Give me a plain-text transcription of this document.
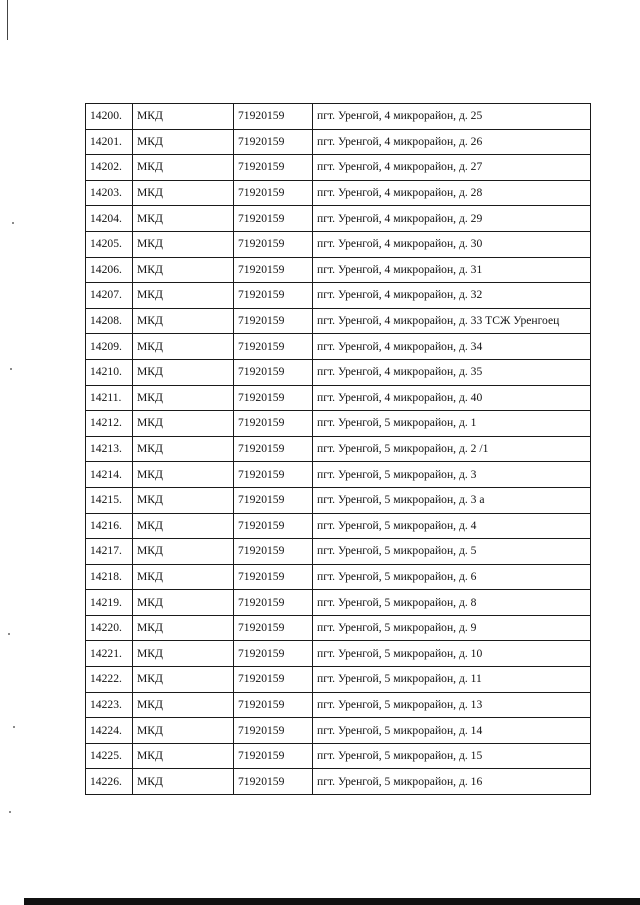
14200.	МКД	71920159	пгт. Уренгой, 4 микрорайон, д. 25
14201.	МКД	71920159	пгт. Уренгой, 4 микрорайон, д. 26
14202.	МКД	71920159	пгт. Уренгой, 4 микрорайон, д. 27
14203.	МКД	71920159	пгт. Уренгой, 4 микрорайон, д. 28
14204.	МКД	71920159	пгт. Уренгой, 4 микрорайон, д. 29
14205.	МКД	71920159	пгт. Уренгой, 4 микрорайон, д. 30
14206.	МКД	71920159	пгт. Уренгой, 4 микрорайон, д. 31
14207.	МКД	71920159	пгт. Уренгой, 4 микрорайон, д. 32
14208.	МКД	71920159	пгт. Уренгой, 4 микрорайон, д. 33 ТСЖ Уренгоец
14209.	МКД	71920159	пгт. Уренгой, 4 микрорайон, д. 34
14210.	МКД	71920159	пгт. Уренгой, 4 микрорайон, д. 35
14211.	МКД	71920159	пгт. Уренгой, 4 микрорайон, д. 40
14212.	МКД	71920159	пгт. Уренгой, 5 микрорайон, д. 1
14213.	МКД	71920159	пгт. Уренгой, 5 микрорайон, д. 2 /1
14214.	МКД	71920159	пгт. Уренгой, 5 микрорайон, д. 3
14215.	МКД	71920159	пгт. Уренгой, 5 микрорайон, д. 3 а
14216.	МКД	71920159	пгт. Уренгой, 5 микрорайон, д. 4
14217.	МКД	71920159	пгт. Уренгой, 5 микрорайон, д. 5
14218.	МКД	71920159	пгт. Уренгой, 5 микрорайон, д. 6
14219.	МКД	71920159	пгт. Уренгой, 5 микрорайон, д. 8
14220.	МКД	71920159	пгт. Уренгой, 5 микрорайон, д. 9
14221.	МКД	71920159	пгт. Уренгой, 5 микрорайон, д. 10
14222.	МКД	71920159	пгт. Уренгой, 5 микрорайон, д. 11
14223.	МКД	71920159	пгт. Уренгой, 5 микрорайон, д. 13
14224.	МКД	71920159	пгт. Уренгой, 5 микрорайон, д. 14
14225.	МКД	71920159	пгт. Уренгой, 5 микрорайон, д. 15
14226.	МКД	71920159	пгт. Уренгой, 5 микрорайон, д. 16
